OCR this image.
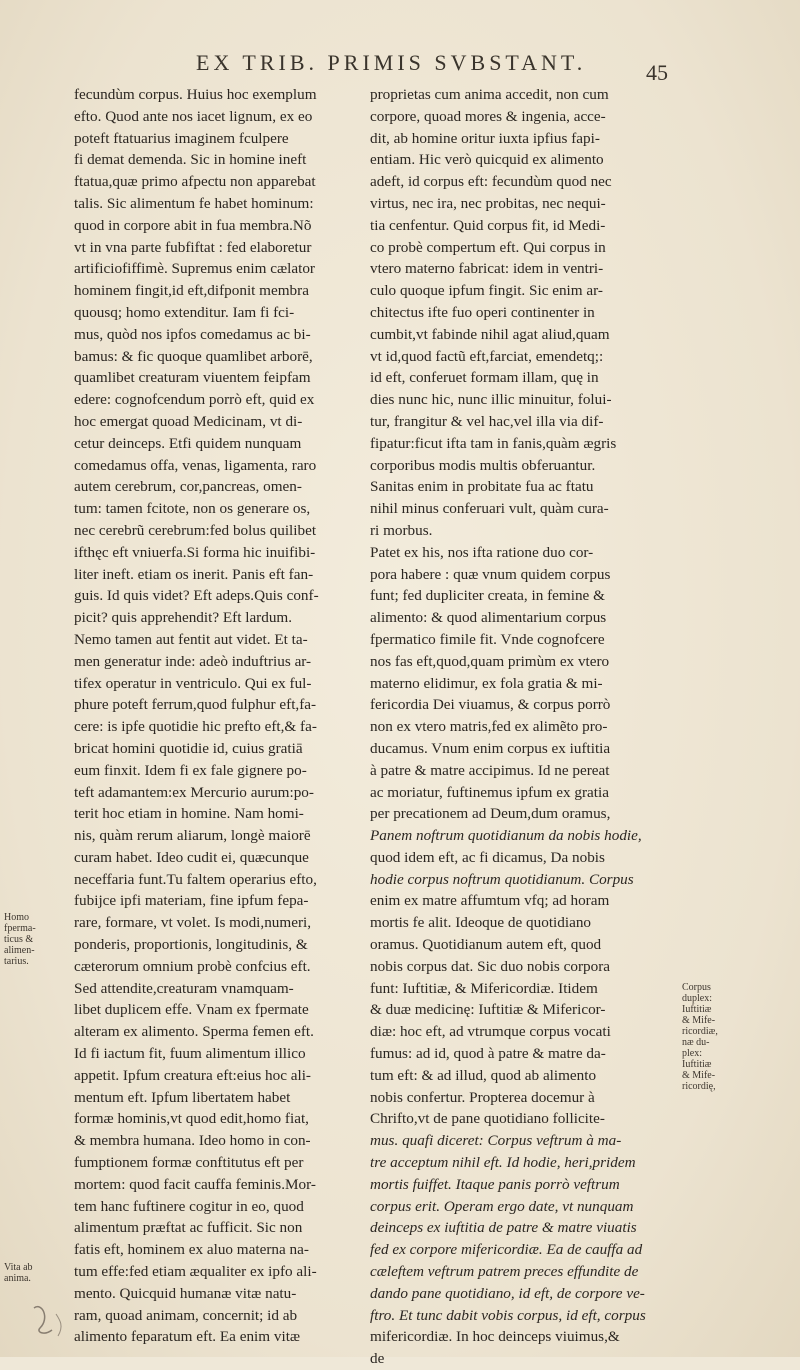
EX TRIB. PRIMIS SVBSTANT.	45
fecundùm corpus. Huius hoc exemplum
efto. Quod ante nos iacet lignum, ex eo
poteft ftatuarius imaginem fculpere
fi demat demenda. Sic in homine ineft
ftatua,quæ primo afpectu non apparebat
talis. Sic alimentum fe habet hominum:
quod in corpore abit in fua membra.Nõ
vt in vna parte fubfiftat : fed elaboretur
artificiofiffimè. Supremus enim cælator
hominem fingit,id eft,difponit membra
quousq; homo extenditur. Iam fi fci-
mus, quòd nos ipfos comedamus ac bi-
bamus: & fic quoque quamlibet arborē,
quamlibet creaturam viuentem feipfam
edere: cognofcendum porrò eft, quid ex
hoc emergat quoad Medicinam, vt di-
cetur deinceps. Etfi quidem nunquam
comedamus offa, venas, ligamenta, raro
autem cerebrum, cor,pancreas, omen-
tum: tamen fcitote, non os generare os,
nec cerebrũ cerebrum:fed bolus quilibet
ifthęc eft vniuerfa.Si forma hic inuifibi-
liter ineft. etiam os inerit. Panis eft fan-
guis. Id quis videt? Eft adeps.Quis conf-
picit? quis apprehendit? Eft lardum.
Nemo tamen aut fentit aut videt. Et ta-
men generatur inde: adeò induftrius ar-
tifex operatur in ventriculo. Qui ex ful-
phure poteft ferrum,quod fulphur eft,fa-
cere: is ipfe quotidie hic prefto eft,& fa-
bricat homini quotidie id, cuius gratiā
eum finxit. Idem fi ex fale gignere po-
teft adamantem:ex Mercurio aurum:po-
terit hoc etiam in homine. Nam homi-
nis, quàm rerum aliarum, longè maiorē
curam habet. Ideo cudit ei, quæcunque
neceffaria funt.Tu faltem operarius efto,
fubijce ipfi materiam, fine ipfum fepa-
rare, formare, vt volet. Is modi,numeri,
ponderis, proportionis, longitudinis, &
cæterorum omnium probè confcius eft.
Sed attendite,creaturam vnamquam-
libet duplicem effe. Vnam ex fpermate
alteram ex alimento. Sperma femen eft.
Id fi iactum fit, fuum alimentum illico
appetit. Ipfum creatura eft:eius hoc ali-
mentum eft. Ipfum libertatem habet
formæ hominis,vt quod edit,homo fiat,
& membra humana. Ideo homo in con-
fumptionem formæ conftitutus eft per
mortem: quod facit cauffa feminis.Mor-
tem hanc fuftinere cogitur in eo, quod
alimentum præftat ac fufficit. Sic non
fatis eft, hominem ex aluo materna na-
tum effe:fed etiam æqualiter ex ipfo ali-
mento. Quicquid humanæ vitæ natu-
ram, quoad animam, concernit; id ab
alimento feparatum eft. Ea enim vitæ
proprietas cum anima accedit, non cum
corpore, quoad mores & ingenia, acce-
dit, ab homine oritur iuxta ipfius fapi-
entiam. Hic verò quicquid ex alimento
adeft, id corpus eft: fecundùm quod nec
virtus, nec ira, nec probitas, nec nequi-
tia cenfentur. Quid corpus fit, id Medi-
co probè compertum eft. Qui corpus in
vtero materno fabricat: idem in ventri-
culo quoque ipfum fingit. Sic enim ar-
chitectus ifte fuo operi continenter in
cumbit,vt fabinde nihil agat aliud,quam
vt id,quod factũ eft,farciat, emendetq;:
id eft, conferuet formam illam, quę in
dies nunc hic, nunc illic minuitur, folui-
tur, frangitur & vel hac,vel illa via dif-
fipatur:ficut ifta tam in fanis,quàm ægris
corporibus modis multis obferuantur.
Sanitas enim in probitate fua ac ftatu
nihil minus conferuari vult, quàm cura-
ri morbus.
Patet ex his, nos ifta ratione duo cor-
pora habere : quæ vnum quidem corpus
funt; fed dupliciter creata, in femine &
alimento: & quod alimentarium corpus
fpermatico fimile fit. Vnde cognofcere
nos fas eft,quod,quam primùm ex vtero
materno elidimur, ex fola gratia & mi-
fericordia Dei viuamus, & corpus porrò
non ex vtero matris,fed ex alimẽto pro-
ducamus. Vnum enim corpus ex iuftitia
à patre & matre accipimus. Id ne pereat
ac moriatur, fuftinemus ipfum ex gratia
per precationem ad Deum,dum oramus,
Panem noftrum quotidianum da nobis hodie,
quod idem eft, ac fi dicamus, Da nobis
hodie corpus noftrum quotidianum. Corpus
enim ex matre affumtum vfq; ad horam
mortis fe alit. Ideoque de quotidiano
oramus. Quotidianum autem eft, quod
nobis corpus dat. Sic duo nobis corpora
funt: Iuftitiæ, & Mifericordiæ. Itidem
& duæ medicinę: Iuftitiæ & Mifericor-
diæ: hoc eft, ad vtrumque corpus vocati
fumus: ad id, quod à patre & matre da-
tum eft: & ad illud, quod ab alimento
nobis confertur. Propterea docemur à
Chrifto,vt de pane quotidiano follicite-
mus. quafi diceret: Corpus veftrum à ma-
tre acceptum nihil eft. Id hodie, heri,pridem
mortis fuiffet. Itaque panis porrò veftrum
corpus erit. Operam ergo date, vt nunquam
deinceps ex iuftitia de patre & matre viuatis
fed ex corpore mifericordiæ. Ea de cauffa ad
cæleftem veftrum patrem preces effundite de
dando pane quotidiano, id eft, de corpore ve-
ftro. Et tunc dabit vobis corpus, id eft, corpus
mifericordiæ. In hoc deinceps viuimus,&
de
Corpus
duplex:
Iuftitiæ
& Mife-
ricordiæ,
næ du-
plex:
Iuftitiæ
& Mife-
ricordię,
Homo
fperma-
ticus &
alimen-
tarius.
Vita ab
anima.
